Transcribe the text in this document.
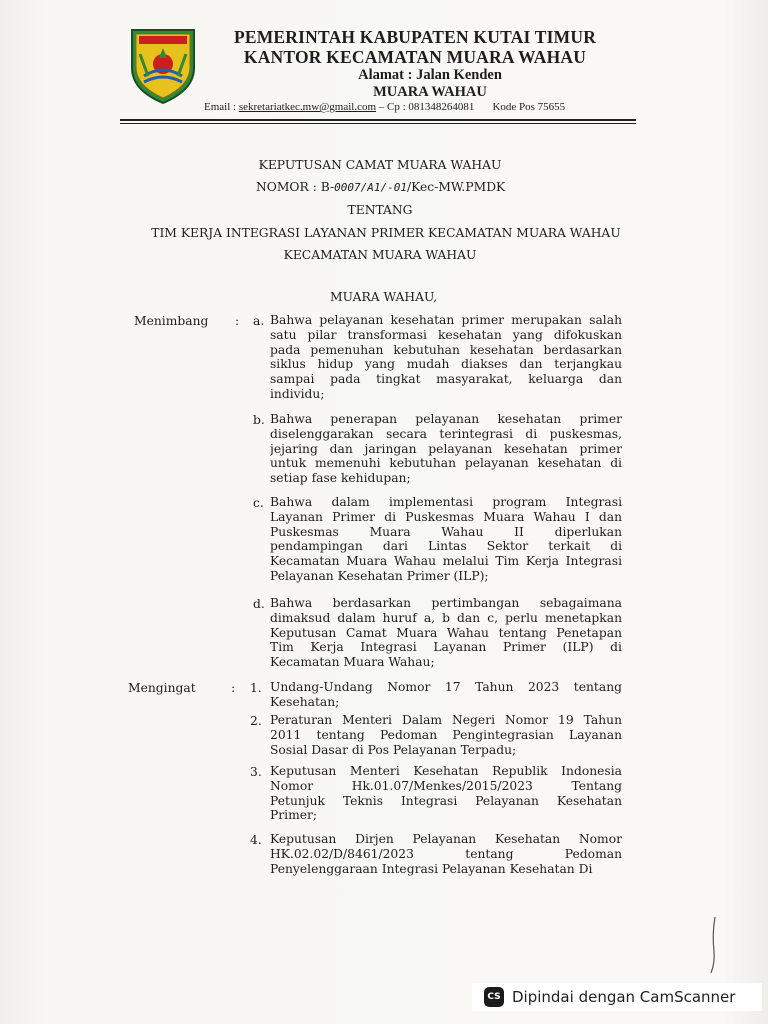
PEMERINTAH KABUPATEN KUTAI TIMUR
KANTOR KECAMATAN MUARA WAHAU
Alamat : Jalan Kenden
MUARA WAHAU
Email : sekretariatkec.mw@gmail.com – Cp : 081348264081 Kode Pos 75655
KEPUTUSAN CAMAT MUARA WAHAU
NOMOR : B-0007/A1/-01/Kec-MW.PMDK
TENTANG
TIM KERJA INTEGRASI LAYANAN PRIMER KECAMATAN MUARA WAHAU
KECAMATAN MUARA WAHAU
MUARA WAHAU,
Menimbang : a. Bahwa pelayanan kesehatan primer merupakan salah
satu pilar transformasi kesehatan yang difokuskan
pada pemenuhan kebutuhan kesehatan berdasarkan
siklus hidup yang mudah diakses dan terjangkau
sampai pada tingkat masyarakat, keluarga dan
individu;
b. Bahwa penerapan pelayanan kesehatan primer
diselenggarakan secara terintegrasi di puskesmas,
jejaring dan jaringan pelayanan kesehatan primer
untuk memenuhi kebutuhan pelayanan kesehatan di
setiap fase kehidupan;
c. Bahwa dalam implementasi program Integrasi
Layanan Primer di Puskesmas Muara Wahau I dan
Puskesmas Muara Wahau II diperlukan
pendampingan dari Lintas Sektor terkait di
Kecamatan Muara Wahau melalui Tim Kerja Integrasi
Pelayanan Kesehatan Primer (ILP);
d. Bahwa berdasarkan pertimbangan sebagaimana
dimaksud dalam huruf a, b dan c, perlu menetapkan
Keputusan Camat Muara Wahau tentang Penetapan
Tim Kerja Integrasi Layanan Primer (ILP) di
Kecamatan Muara Wahau;
Mengingat	: 1. Undang-Undang Nomor 17 Tahun 2023 tentang
Kesehatan;
2. Peraturan Menteri Dalam Negeri Nomor 19 Tahun
2011 tentang Pedoman Pengintegrasian Layanan
Sosial Dasar di Pos Pelayanan Terpadu;
3. Keputusan Menteri Kesehatan Republik Indonesia
Nomor Hk.01.07/Menkes/2015/2023 Tentang
Petunjuk Teknis Integrasi Pelayanan Kesehatan
Primer;
4. Keputusan Dirjen Pelayanan Kesehatan Nomor
HK.02.02/D/8461/2023 tentang Pedoman
Penyelenggaraan Integrasi Pelayanan Kesehatan Di
CS Dipindai dengan CamScanner
